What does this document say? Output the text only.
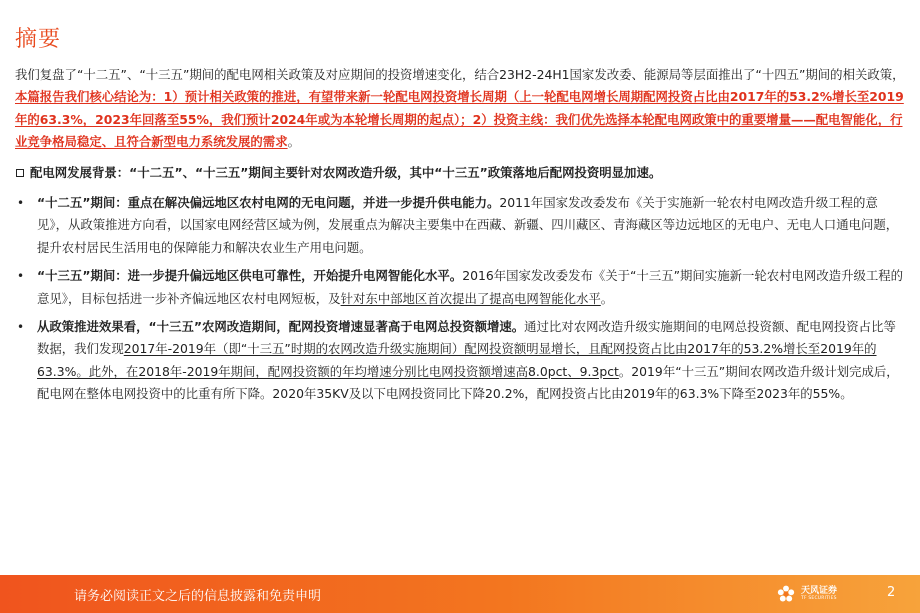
摘要

我们复盘了“十二五”、“十三五”期间的配电网相关政策及对应期间的投资增速变化，结合23H2-24H1国家发改委、能源局等层面推出了“十四五”期间的相关政策，本篇报告我们核心结论为：1）预计相关政策的推进，有望带来新一轮配电网投资增长周期（上一轮配电网增长周期配网投资占比由2017年的53.2%增长至2019年的63.3%，2023年回落至55%，我们预计2024年或为本轮增长周期的起点）；2）投资主线：我们优先选择本轮配电网政策中的重要增量——配电智能化，行业竞争格局稳定、且符合新型电力系统发展的需求。

配电网发展背景：“十二五”、“十三五”期间主要针对农网改造升级，其中“十三五”政策落地后配网投资明显加速。

• “十二五”期间：重点在解决偏远地区农村电网的无电问题，并进一步提升供电能力。2011年国家发改委发布《关于实施新一轮农村电网改造升级工程的意见》，从政策推进方向看，以国家电网经营区域为例，发展重点为解决主要集中在西藏、新疆、四川藏区、青海藏区等边远地区的无电户、无电人口通电问题，提升农村居民生活用电的保障能力和解决农业生产用电问题。
• “十三五”期间：进一步提升偏远地区供电可靠性，开始提升电网智能化水平。2016年国家发改委发布《关于“十三五”期间实施新一轮农村电网改造升级工程的意见》，目标包括进一步补齐偏远地区农村电网短板，及针对东中部地区首次提出了提高电网智能化水平。
• 从政策推进效果看，“十三五”农网改造期间，配网投资增速显著高于电网总投资额增速。通过比对农网改造升级实施期间的电网总投资额、配电网投资占比等数据，我们发现2017年-2019年（即“十三五”时期的农网改造升级实施期间）配网投资额明显增长，且配网投资占比由2017年的53.2%增长至2019年的63.3%。此外，在2018年-2019年期间，配网投资额的年均增速分别比电网投资额增速高8.0pct、9.3pct。2019年“十三五”期间农网改造升级计划完成后，配电网在整体电网投资中的比重有所下降。2020年35KV及以下电网投资同比下降20.2%，配网投资占比由2019年的63.3%下降至2023年的55%。
请务必阅读正文之后的信息披露和免责申明	天风证券
TF SECURITIES	2
